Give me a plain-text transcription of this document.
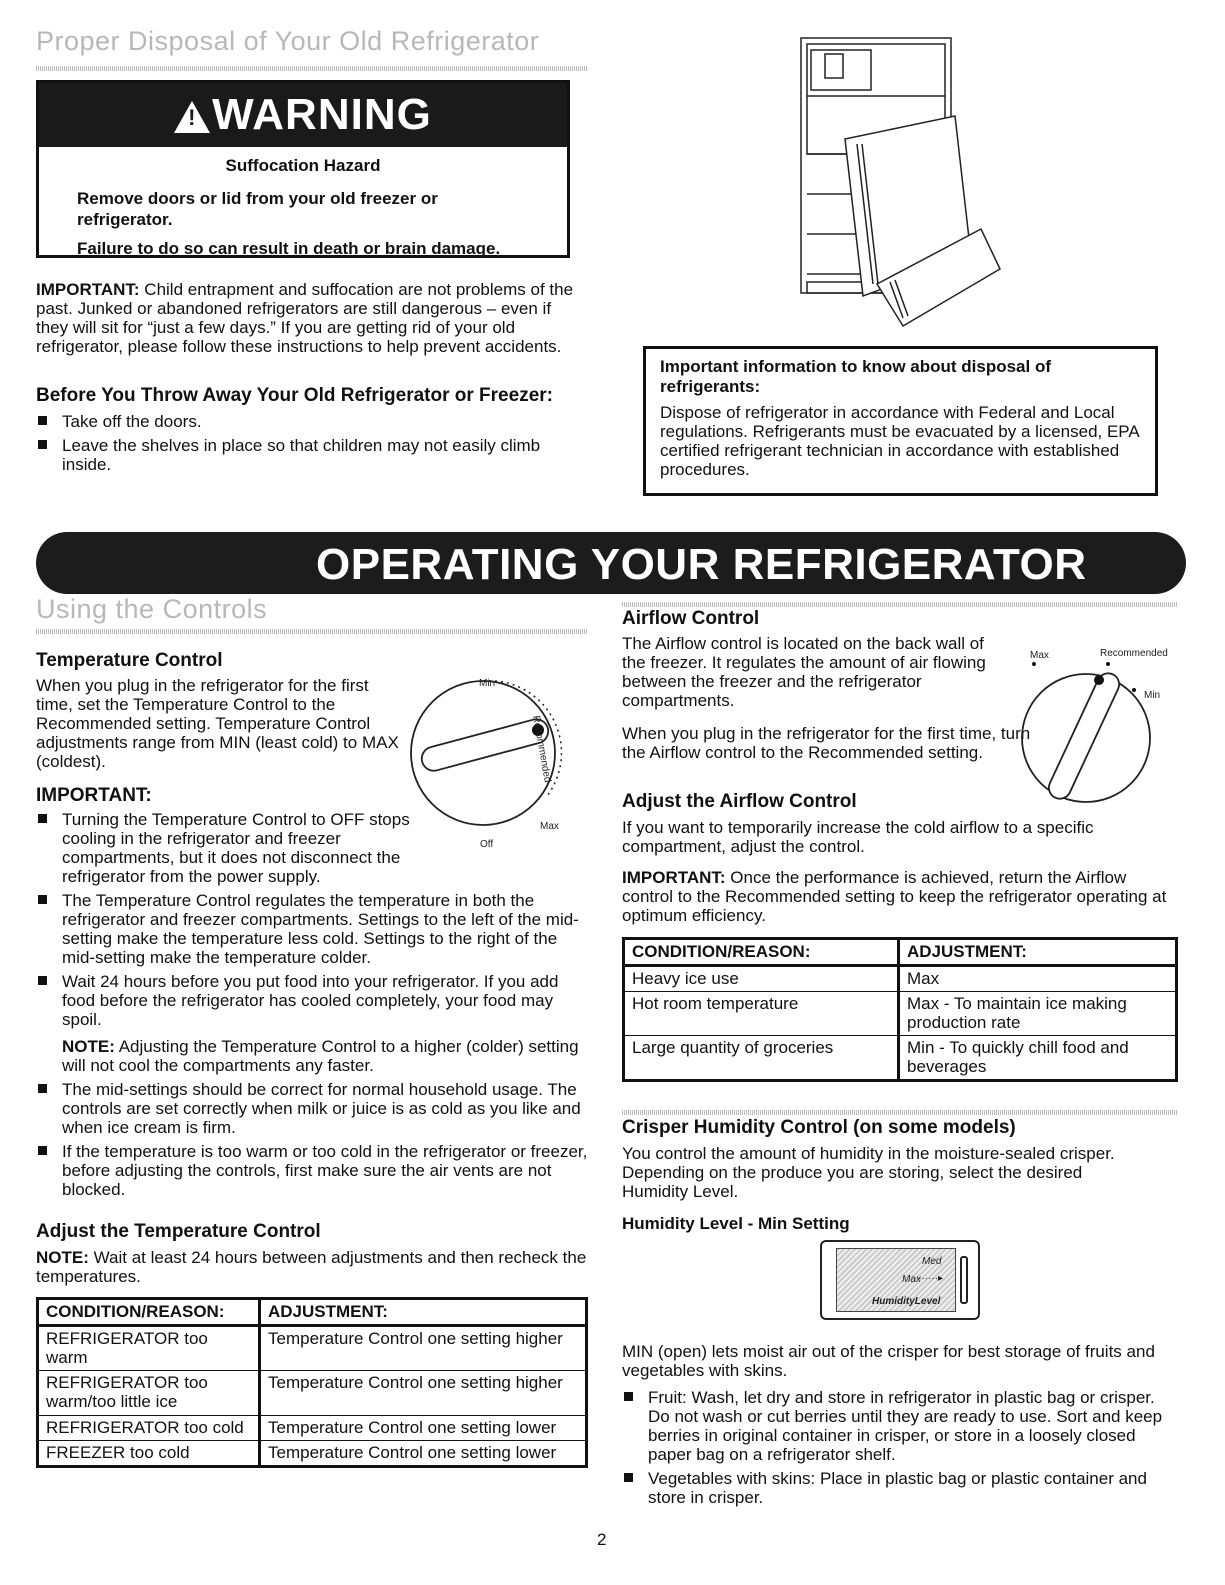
Proper Disposal of Your Old Refrigerator
! WARNING

Suffocation Hazard

Remove doors or lid from your old freezer or refrigerator.

Failure to do so can result in death or brain damage.

IMPORTANT: Child entrapment and suffocation are not problems of the past. Junked or abandoned refrigerators are still dangerous – even if they will sit for “just a few days.” If you are getting rid of your old refrigerator, please follow these instructions to help prevent accidents.
Before You Throw Away Your Old Refrigerator or Freezer:
Take off the doors.
Leave the shelves in place so that children may not easily climb inside.
Important information to know about disposal of refrigerants:
Dispose of refrigerator in accordance with Federal and Local regulations. Refrigerants must be evacuated by a licensed, EPA certified refrigerant technician in accordance with established procedures.
OPERATING YOUR REFRIGERATOR
Using the Controls
Temperature Control
When you plug in the refrigerator for the first time, set the Temperature Control to the Recommended setting. Temperature Control adjustments range from MIN (least cold) to MAX (coldest).
Min
Recommended
Max
Off
IMPORTANT:
Turning the Temperature Control to OFF stops cooling in the refrigerator and freezer compartments, but it does not disconnect the refrigerator from the power supply.
The Temperature Control regulates the temperature in both the refrigerator and freezer compartments. Settings to the left of the mid-setting make the temperature less cold. Settings to the right of the mid-setting make the temperature colder.
Wait 24 hours before you put food into your refrigerator. If you add food before the refrigerator has cooled completely, your food may spoil.
NOTE: Adjusting the Temperature Control to a higher (colder) setting will not cool the compartments any faster.
The mid-settings should be correct for normal household usage. The controls are set correctly when milk or juice is as cold as you like and when ice cream is firm.
If the temperature is too warm or too cold in the refrigerator or freezer, before adjusting the controls, first make sure the air vents are not blocked.
Adjust the Temperature Control
NOTE: Wait at least 24 hours between adjustments and then recheck the temperatures.
CONDITION/REASON:	ADJUSTMENT:
REFRIGERATOR too warm	Temperature Control one setting higher
REFRIGERATOR too warm/too little ice	Temperature Control one setting higher
REFRIGERATOR too cold	Temperature Control one setting lower
FREEZER too cold	Temperature Control one setting lower
Airflow Control
The Airflow control is located on the back wall of the freezer. It regulates the amount of air flowing between the freezer and the refrigerator compartments.
When you plug in the refrigerator for the first time, turn the Airflow control to the Recommended setting.
Max	Recommended
Min
Adjust the Airflow Control
If you want to temporarily increase the cold airflow to a specific compartment, adjust the control.
IMPORTANT: Once the performance is achieved, return the Airflow control to the Recommended setting to keep the refrigerator operating at optimum efficiency.
CONDITION/REASON:	ADJUSTMENT:
Heavy ice use	Max
Hot room temperature	Max - To maintain ice making production rate
Large quantity of groceries	Min - To quickly chill food and beverages
Crisper Humidity Control (on some models)
You control the amount of humidity in the moisture-sealed crisper. Depending on the produce you are storing, select the desired Humidity Level.
Humidity Level - Min Setting
Med
Max
······▸
HumidityLevel
MIN (open) lets moist air out of the crisper for best storage of fruits and vegetables with skins.
Fruit: Wash, let dry and store in refrigerator in plastic bag or crisper. Do not wash or cut berries until they are ready to use. Sort and keep berries in original container in crisper, or store in a loosely closed paper bag on a refrigerator shelf.
Vegetables with skins: Place in plastic bag or plastic container and store in crisper.
2
